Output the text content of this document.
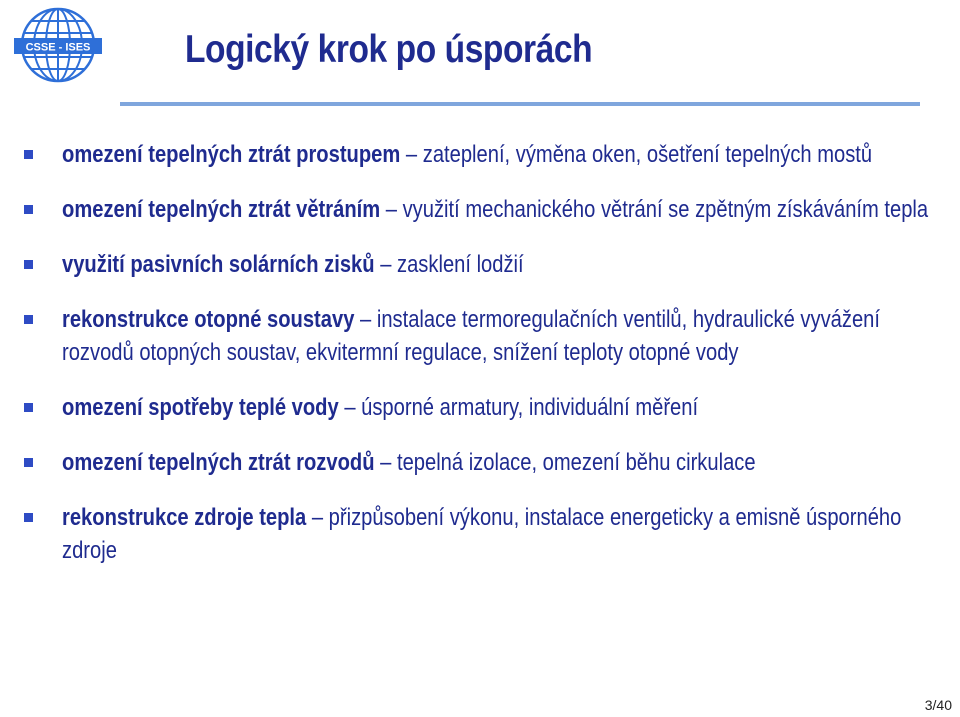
CSSE - ISES Logický krok po úsporách
omezení tepelných ztrát prostupem – zateplení, výměna oken, ošetření tepelných mostů
omezení tepelných ztrát větráním – využití mechanického větrání se zpětným získáváním tepla
využití pasivních solárních zisků – zasklení lodžií
rekonstrukce otopné soustavy – instalace termoregulačních ventilů, hydraulické vyvážení rozvodů otopných soustav, ekvitermní regulace, snížení teploty otopné vody
omezení spotřeby teplé vody – úsporné armatury, individuální měření
omezení tepelných ztrát rozvodů – tepelná izolace, omezení běhu cirkulace
rekonstrukce zdroje tepla – přizpůsobení výkonu, instalace energeticky a emisně úsporného zdroje
3/40
